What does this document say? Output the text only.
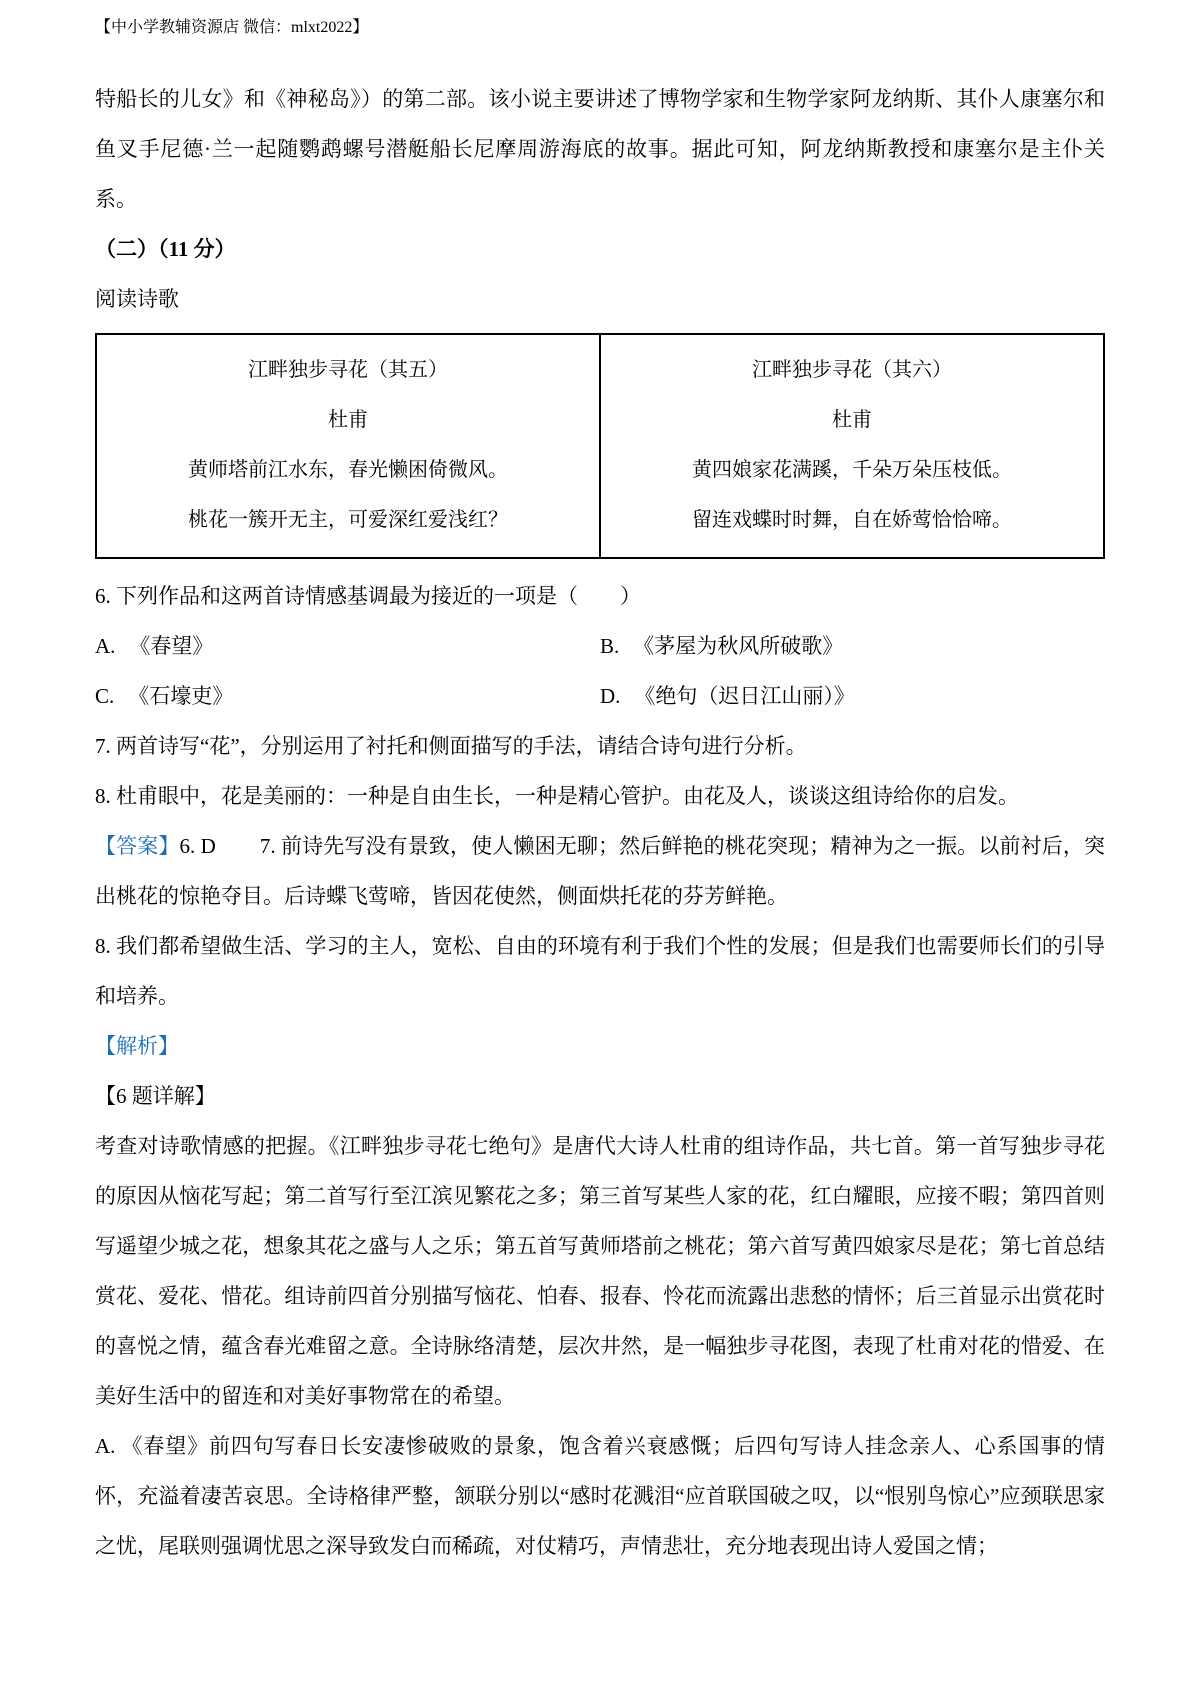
【中小学教辅资源店 微信：mlxt2022】

特船长的儿女》和《神秘岛》）的第二部。该小说主要讲述了博物学家和生物学家阿龙纳斯、其仆人康塞尔和鱼叉手尼德·兰一起随鹦鹉螺号潜艇船长尼摩周游海底的故事。据此可知，阿龙纳斯教授和康塞尔是主仆关系。

（二）（11 分）

阅读诗歌

江畔独步寻花（其五）
杜甫
黄师塔前江水东，春光懒困倚微风。
桃花一簇开无主，可爱深红爱浅红？

江畔独步寻花（其六）
杜甫
黄四娘家花满蹊，千朵万朵压枝低。
留连戏蝶时时舞，自在娇莺恰恰啼。

6. 下列作品和这两首诗情感基调最为接近的一项是（　　）

A. 《春望》	B. 《茅屋为秋风所破歌》
C. 《石壕吏》	D. 《绝句（迟日江山丽）》

7. 两首诗写“花”，分别运用了衬托和侧面描写的手法，请结合诗句进行分析。

8. 杜甫眼中，花是美丽的：一种是自由生长，一种是精心管护。由花及人，谈谈这组诗给你的启发。

【答案】6. D 7. 前诗先写没有景致，使人懒困无聊；然后鲜艳的桃花突现；精神为之一振。以前衬后，突出桃花的惊艳夺目。后诗蝶飞莺啼，皆因花使然，侧面烘托花的芬芳鲜艳。

8. 我们都希望做生活、学习的主人，宽松、自由的环境有利于我们个性的发展；但是我们也需要师长们的引导和培养。

【解析】

【6 题详解】

考查对诗歌情感的把握。《江畔独步寻花七绝句》是唐代大诗人杜甫的组诗作品，共七首。第一首写独步寻花的原因从恼花写起；第二首写行至江滨见繁花之多；第三首写某些人家的花，红白耀眼，应接不暇；第四首则写遥望少城之花，想象其花之盛与人之乐；第五首写黄师塔前之桃花；第六首写黄四娘家尽是花；第七首总结赏花、爱花、惜花。组诗前四首分别描写恼花、怕春、报春、怜花而流露出悲愁的情怀；后三首显示出赏花时的喜悦之情，蕴含春光难留之意。全诗脉络清楚，层次井然，是一幅独步寻花图，表现了杜甫对花的惜爱、在美好生活中的留连和对美好事物常在的希望。

A. 《春望》前四句写春日长安凄惨破败的景象，饱含着兴衰感慨；后四句写诗人挂念亲人、心系国事的情怀，充溢着凄苦哀思。全诗格律严整，颔联分别以“感时花溅泪“应首联国破之叹，以“恨别鸟惊心”应颈联思家之忧，尾联则强调忧思之深导致发白而稀疏，对仗精巧，声情悲壮，充分地表现出诗人爱国之情；
